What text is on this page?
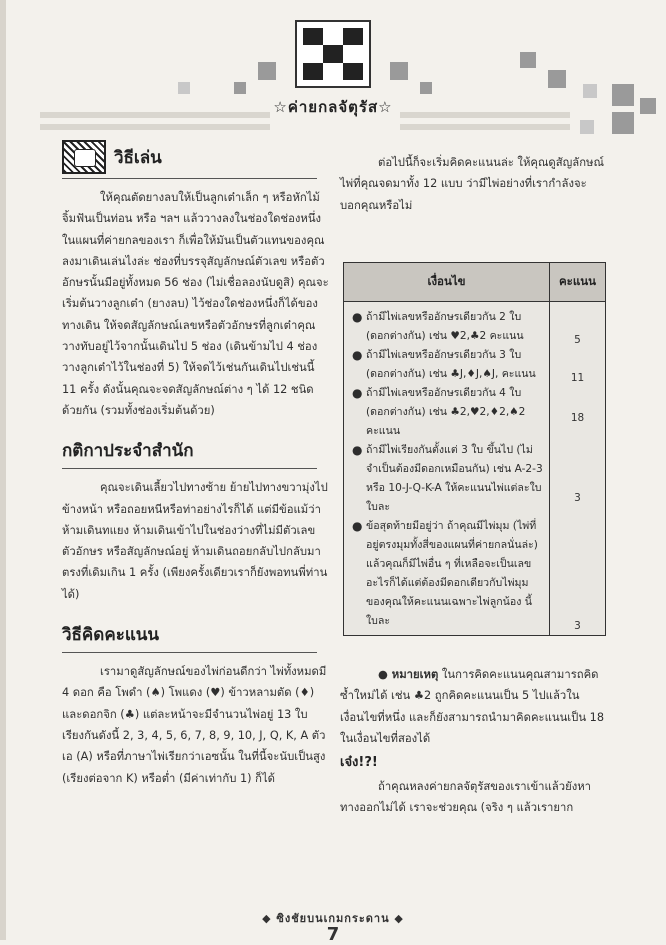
☆ค่ายกลจัตุรัส☆
วิธีเล่น

ให้คุณตัดยางลบให้เป็นลูกเต๋าเล็ก ๆ หรือหักไม้จิ้มฟันเป็นท่อน หรือ ฯลฯ แล้ววางลงในช่องใดช่องหนึ่งในแผนที่ค่ายกลของเรา ก็เพื่อให้มันเป็นตัวแทนของคุณลงมาเดินเล่นไงล่ะ ช่องที่บรรจุสัญลักษณ์ตัวเลข หรือตัวอักษรนั้นมีอยู่ทั้งหมด 56 ช่อง (ไม่เชื่อลองนับดูสิ) คุณจะเริ่มต้นวางลูกเต๋า (ยางลบ) ไว้ช่องใดช่องหนึ่งก็ได้ของทางเดิน ให้จดสัญลักษณ์เลขหรือตัวอักษรที่ลูกเต๋าคุณวางทับอยู่ไว้จากนั้นเดินไป 5 ช่อง (เดินข้ามไป 4 ช่อง วางลูกเต๋าไว้ในช่องที่ 5) ให้จดไว้เช่นกันเดินไปเช่นนี้ 11 ครั้ง ดังนั้นคุณจะจดสัญลักษณ์ต่าง ๆ ได้ 12 ชนิดด้วยกัน (รวมทั้งช่องเริ่มต้นด้วย)

กติกาประจำสำนัก

คุณจะเดินเลี้ยวไปทางซ้าย ย้ายไปทางขวามุ่งไปข้างหน้า หรือถอยหนีหรือท่าอย่างไรก็ได้ แต่มีข้อแม้ว่า ห้ามเดินทแยง ห้ามเดินเข้าไปในช่องว่างที่ไม่มีตัวเลข ตัวอักษร หรือสัญลักษณ์อยู่ ห้ามเดินถอยกลับไปกลับมาตรงที่เดิมเกิน 1 ครั้ง (เพียงครั้งเดียวเราก็ยังพอทนพี่ท่านได้)

วิธีคิดคะแนน

เรามาดูสัญลักษณ์ของไพ่ก่อนดีกว่า ไพ่ทั้งหมดมี 4 ดอก คือ โพดำ (♠) โพแดง (♥) ข้าวหลามตัด (♦) และดอกจิก (♣) แต่ละหน้าจะมีจำนวนไพ่อยู่ 13 ใบ เรียงกันดังนี้ 2, 3, 4, 5, 6, 7, 8, 9, 10, J, Q, K, A ตัวเอ (A) หรือที่ภาษาไพ่เรียกว่าเอซนั้น ในที่นี้จะนับเป็นสูง (เรียงต่อจาก K) หรือต่ำ (มีค่าเท่ากับ 1) ก็ได้

ต่อไปนี้ก็จะเริ่มคิดคะแนนล่ะ ให้คุณดูสัญลักษณ์ไพ่ที่คุณจดมาทั้ง 12 แบบ ว่ามีไพ่อย่างที่เรากำลังจะบอกคุณหรือไม่

เงื่อนไข	คะแนน
● ถ้ามีไพ่เลขหรืออักษรเดียวกัน 2 ใบ (ดอกต่างกัน) เช่น ♥2,♣2 คะแนน
● ถ้ามีไพ่เลขหรืออักษรเดียวกัน 3 ใบ (ดอกต่างกัน) เช่น ♣J,♦J,♠J, คะแนน
● ถ้ามีไพ่เลขหรืออักษรเดียวกัน 4 ใบ (ดอกต่างกัน) เช่น ♣2,♥2,♦2,♠2 คะแนน
● ถ้ามีไพ่เรียงกันตั้งแต่ 3 ใบ ขึ้นไป (ไม่จำเป็นต้องมีดอกเหมือนกัน) เช่น A-2-3 หรือ 10-J-Q-K-A ให้คะแนนไพ่แต่ละใบ ใบละ
● ข้อสุดท้ายมีอยู่ว่า ถ้าคุณมีไพ่มุม (ไพ่ที่อยู่ตรงมุมทั้งสี่ของแผนที่ค่ายกลนั่นล่ะ) แล้วคุณก็มีไพ่อื่น ๆ ที่เหลือจะเป็นเลขอะไรก็ได้แต่ต้องมีดอกเดียวกับไพ่มุมของคุณให้คะแนนเฉพาะไพ่ลูกน้อง นี้ใบละ
5
11
18
3
3

● หมายเหตุ ในการคิดคะแนนคุณสามารถคิดซ้ำใหม่ได้ เช่น ♣2 ถูกคิดคะแนนเป็น 5 ไปแล้วในเงื่อนไขที่หนึ่ง และก็ยังสามารถนำมาคิดคะแนนเป็น 18 ในเงื่อนไขที่สองได้

เจ๋ง!?!

ถ้าคุณหลงค่ายกลจัตุรัสของเราเข้าแล้วยังหาทางออกไม่ได้ เราจะช่วยคุณ (จริง ๆ แล้วเรายาก

◆ ซิงชัยบนเกมกระดาน ◆
7
